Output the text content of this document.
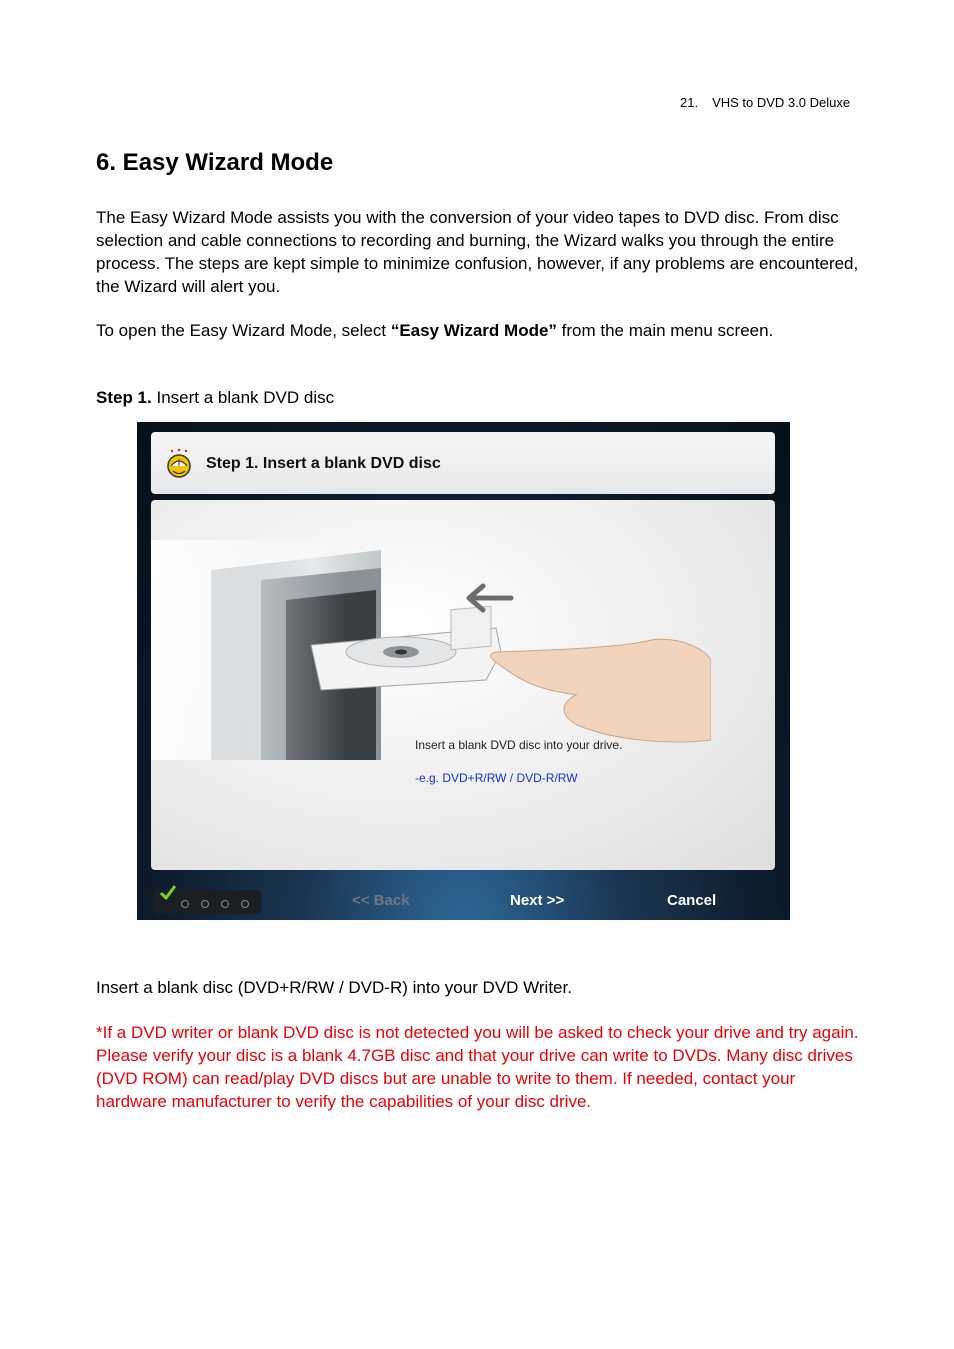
21. VHS to DVD 3.0 Deluxe
6. Easy Wizard Mode

The Easy Wizard Mode assists you with the conversion of your video tapes to DVD disc. From disc selection and cable connections to recording and burning, the Wizard walks you through the entire process. The steps are kept simple to minimize confusion, however, if any problems are encountered, the Wizard will alert you.

To open the Easy Wizard Mode, select “Easy Wizard Mode” from the main menu screen.

Step 1. Insert a blank DVD disc

Step 1. Insert a blank DVD disc
Insert a blank DVD disc into your drive.
-e.g. DVD+R/RW / DVD-R/RW
<< Back	Next >>	Cancel

Insert a blank disc (DVD+R/RW / DVD-R) into your DVD Writer.

*If a DVD writer or blank DVD disc is not detected you will be asked to check your drive and try again. Please verify your disc is a blank 4.7GB disc and that your drive can write to DVDs. Many disc drives (DVD ROM) can read/play DVD discs but are unable to write to them. If needed, contact your hardware manufacturer to verify the capabilities of your disc drive.
